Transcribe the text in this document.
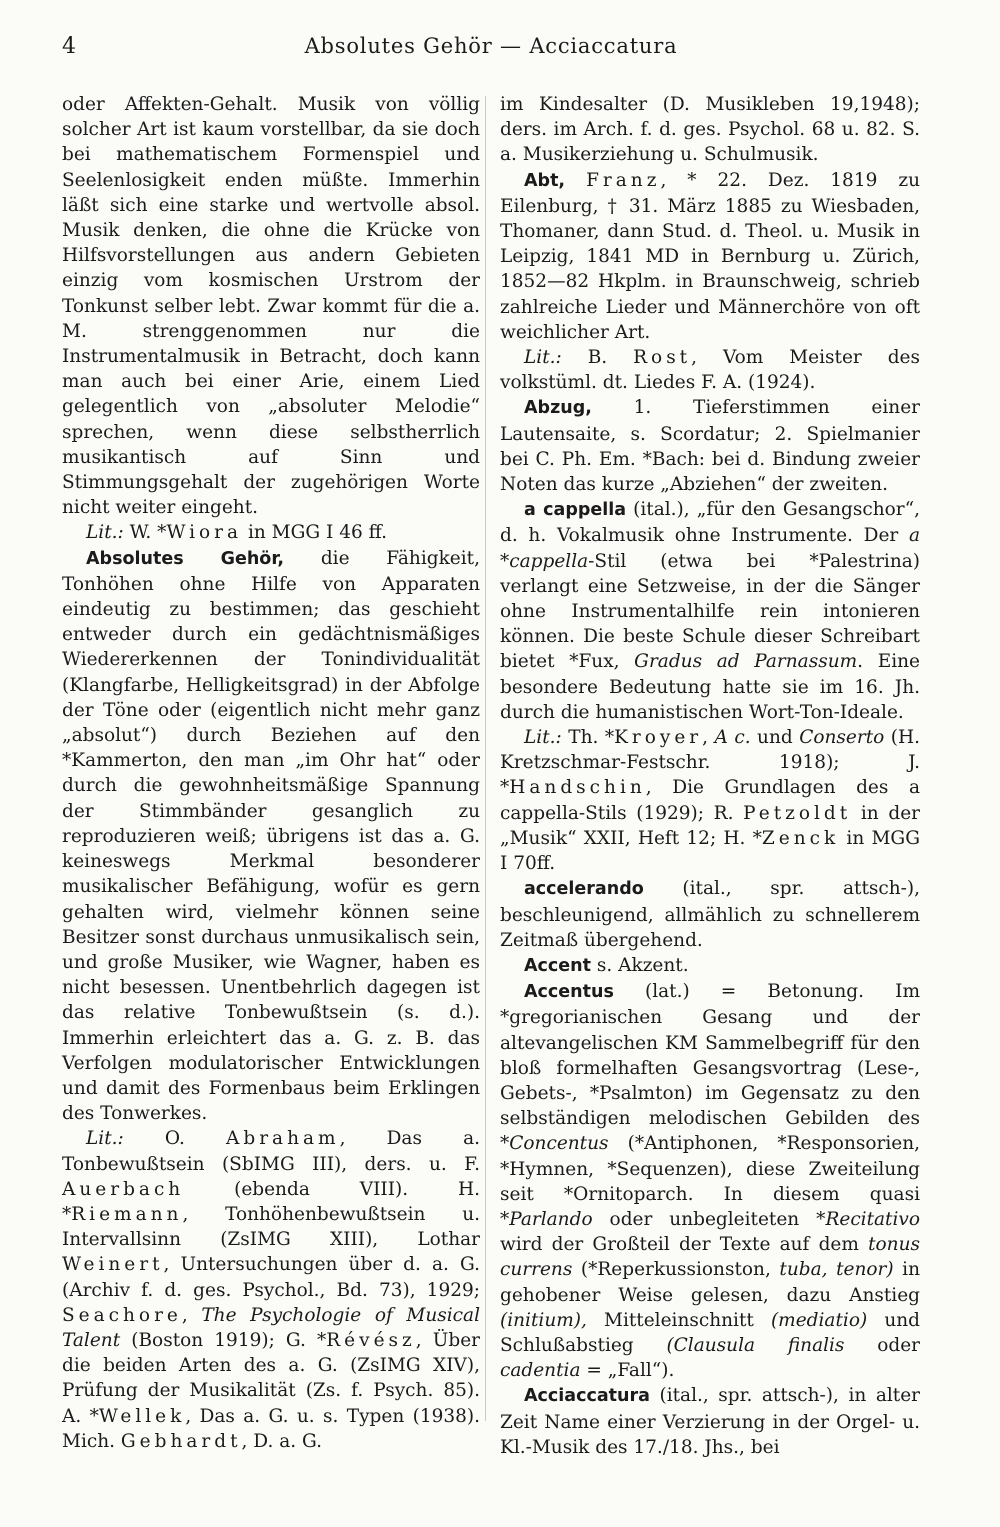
4	Absolutes Gehör — Acciaccatura

oder Affekten-Gehalt. Musik von völlig solcher Art ist kaum vorstellbar, da sie doch bei mathematischem Formenspiel und Seelenlosigkeit enden müßte. Immerhin läßt sich eine starke und wertvolle absol. Musik denken, die ohne die Krücke von Hilfsvorstellungen aus andern Gebieten einzig vom kosmischen Urstrom der Tonkunst selber lebt. Zwar kommt für die a. M. strenggenommen nur die Instrumentalmusik in Betracht, doch kann man auch bei einer Arie, einem Lied gelegentlich von „absoluter Melodie“ sprechen, wenn diese selbstherrlich musikantisch auf Sinn und Stimmungsgehalt der zugehörigen Worte nicht weiter eingeht.

Lit.: W. *Wiora in MGG I 46 ff.

Absolutes Gehör, die Fähigkeit, Tonhöhen ohne Hilfe von Apparaten eindeutig zu bestimmen; das geschieht entweder durch ein gedächtnismäßiges Wiedererkennen der Tonindividualität (Klangfarbe, Helligkeitsgrad) in der Abfolge der Töne oder (eigentlich nicht mehr ganz „absolut“) durch Beziehen auf den *Kammerton, den man „im Ohr hat“ oder durch die gewohnheitsmäßige Spannung der Stimmbänder gesanglich zu reproduzieren weiß; übrigens ist das a. G. keineswegs Merkmal besonderer musikalischer Befähigung, wofür es gern gehalten wird, vielmehr können seine Besitzer sonst durchaus unmusikalisch sein, und große Musiker, wie Wagner, haben es nicht besessen. Unentbehrlich dagegen ist das relative Tonbewußtsein (s. d.). Immerhin erleichtert das a. G. z. B. das Verfolgen modulatorischer Entwicklungen und damit des Formenbaus beim Erklingen des Tonwerkes.

Lit.: O. Abraham, Das a. Tonbewußtsein (SbIMG III), ders. u. F. Auerbach (ebenda VIII). H. *Riemann, Tonhöhenbewußtsein u. Intervallsinn (ZsIMG XIII), Lothar Weinert, Untersuchungen über d. a. G. (Archiv f. d. ges. Psychol., Bd. 73), 1929; Seachore, The Psychologie of Musical Talent (Boston 1919); G. *Révész, Über die beiden Arten des a. G. (ZsIMG XIV), Prüfung der Musikalität (Zs. f. Psych. 85). A. *Wellek, Das a. G. u. s. Typen (1938). Mich. Gebhardt, D. a. G.

im Kindesalter (D. Musikleben 19,1948); ders. im Arch. f. d. ges. Psychol. 68 u. 82. S. a. Musikerziehung u. Schulmusik.

Abt, Franz, * 22. Dez. 1819 zu Eilenburg, † 31. März 1885 zu Wiesbaden, Thomaner, dann Stud. d. Theol. u. Musik in Leipzig, 1841 MD in Bernburg u. Zürich, 1852—82 Hkplm. in Braunschweig, schrieb zahlreiche Lieder und Männerchöre von oft weichlicher Art.

Lit.: B. Rost, Vom Meister des volkstüml. dt. Liedes F. A. (1924).

Abzug, 1. Tieferstimmen einer Lautensaite, s. Scordatur; 2. Spielmanier bei C. Ph. Em. *Bach: bei d. Bindung zweier Noten das kurze „Abziehen“ der zweiten.

a cappella (ital.), „für den Gesangschor“, d. h. Vokalmusik ohne Instrumente. Der a *cappella-Stil (etwa bei *Palestrina) verlangt eine Setzweise, in der die Sänger ohne Instrumentalhilfe rein intonieren können. Die beste Schule dieser Schreibart bietet *Fux, Gradus ad Parnassum. Eine besondere Bedeutung hatte sie im 16. Jh. durch die humanistischen Wort-Ton-Ideale.

Lit.: Th. *Kroyer, A c. und Conserto (H. Kretzschmar-Festschr. 1918); J. *Handschin, Die Grundlagen des a cappella-Stils (1929); R. Petzoldt in der „Musik“ XXII, Heft 12; H. *Zenck in MGG I 70ff.

accelerando (ital., spr. attsch-), beschleunigend, allmählich zu schnellerem Zeitmaß übergehend.

Accent s. Akzent.

Accentus (lat.) = Betonung. Im *gregorianischen Gesang und der altevangelischen KM Sammelbegriff für den bloß formelhaften Gesangsvortrag (Lese-, Gebets-, *Psalmton) im Gegensatz zu den selbständigen melodischen Gebilden des *Concentus (*Antiphonen, *Responsorien, *Hymnen, *Sequenzen), diese Zweiteilung seit *Ornitoparch. In diesem quasi *Parlando oder unbegleiteten *Recitativo wird der Großteil der Texte auf dem tonus currens (*Reperkussionston, tuba, tenor) in gehobener Weise gelesen, dazu Anstieg (initium), Mitteleinschnitt (mediatio) und Schlußabstieg (Clausula finalis oder cadentia = „Fall“).

Acciaccatura (ital., spr. attsch-), in alter Zeit Name einer Verzierung in der Orgel- u. Kl.-Musik des 17./18. Jhs., bei
